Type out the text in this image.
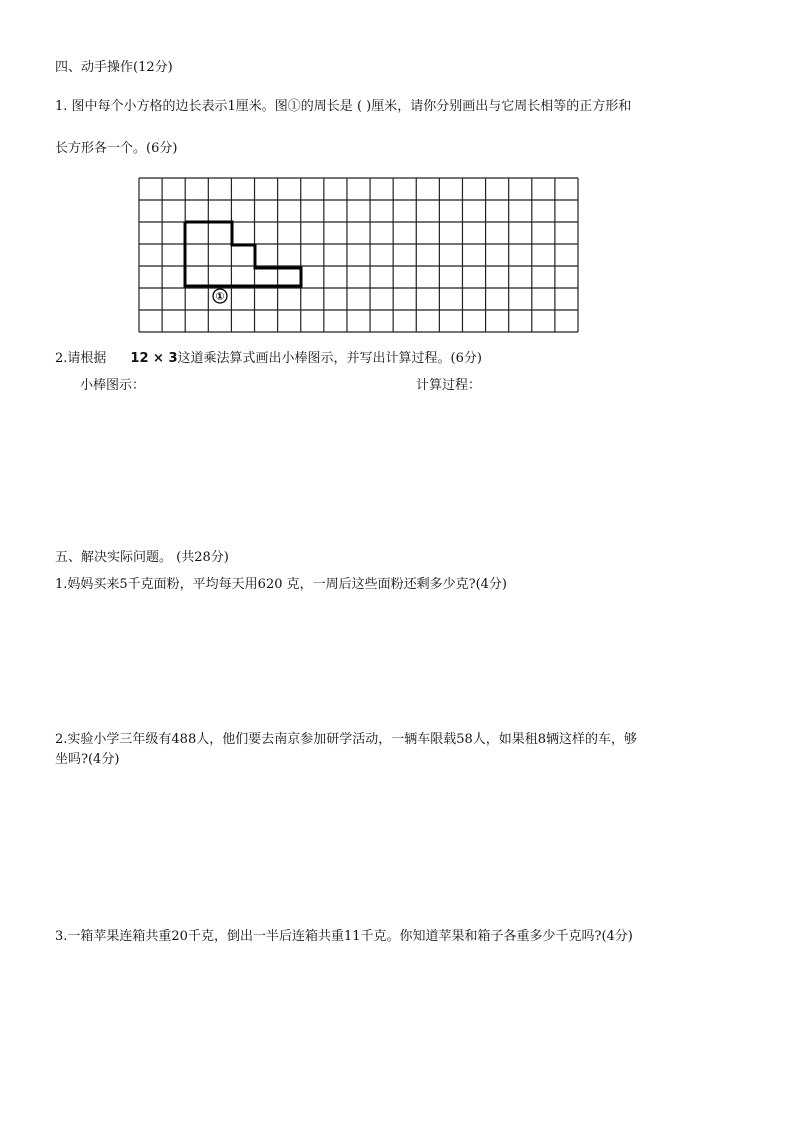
四、动手操作(12分)
1. 图中每个小方格的边长表示1厘米。图①的周长是 ( )厘米，请你分别画出与它周长相等的正方形和
长方形各一个。(6分)
①
2.请根据 12 × 3这道乘法算式画出小棒图示，并写出计算过程。(6分)
小棒图示：	计算过程：
五、解决实际问题。 (共28分)
1.妈妈买来5千克面粉，平均每天用620 克，一周后这些面粉还剩多少克?(4分)
2.实验小学三年级有488人，他们要去南京参加研学活动，一辆车限载58人，如果租8辆这样的车，够
坐吗?(4分)
3.一箱苹果连箱共重20千克，倒出一半后连箱共重11千克。你知道苹果和箱子各重多少千克吗?(4分)
